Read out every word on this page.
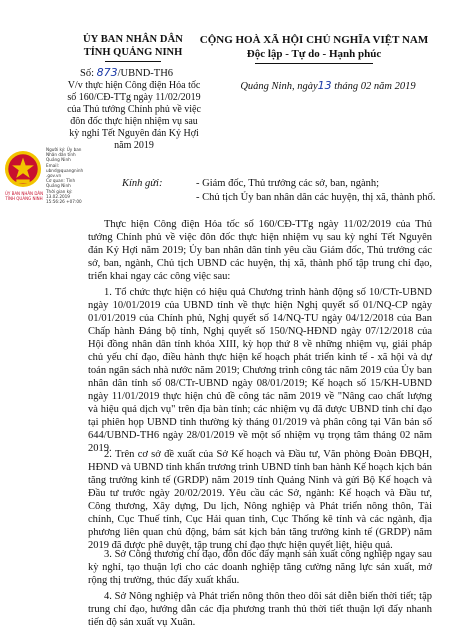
ỦY BAN NHÂN DÂN
TỈNH QUẢNG NINH
CỘNG HOÀ XÃ HỘI CHỦ NGHĨA VIỆT NAM
Độc lập - Tự do - Hạnh phúc
Số: 873/UBND-TH6
V/v thực hiện Công điện Hỏa tốc số 160/CĐ-TTg ngày 11/02/2019 của Thủ tướng Chính phủ về việc đôn đốc thực hiện nhiệm vụ sau kỳ nghỉ Tết Nguyên đán Kỷ Hợi năm 2019
Quảng Ninh, ngày13 tháng 02 năm 2019
ỦY BAN NHÂN DÂN
TỈNH QUẢNG NINH
Người ký: Ủy ban
Nhân dân tỉnh
Quảng Ninh
Email:
ubnd@quangninh
.gov.vn
Cơ quan: Tỉnh
Quảng Ninh
Thời gian ký:
13.02.2019
15:56:26 +07:00
Kính gửi:	- Giám đốc, Thủ trưởng các sở, ban, ngành;
- Chủ tịch Ủy ban nhân dân các huyện, thị xã, thành phố.

Thực hiện Công điện Hỏa tốc số 160/CĐ-TTg ngày 11/02/2019 của Thủ tướng Chính phủ về việc đôn đốc thực hiện nhiệm vụ sau kỳ nghỉ Tết Nguyên đán Kỷ Hợi năm 2019; Ủy ban nhân dân tỉnh yêu cầu Giám đốc, Thủ trưởng các sở, ban, ngành, Chủ tịch UBND các huyện, thị xã, thành phố tập trung chỉ đạo, triển khai ngay các công việc sau:

1. Tổ chức thực hiện có hiệu quả Chương trình hành động số 10/CTr-UBND ngày 10/01/2019 của UBND tỉnh về thực hiện Nghị quyết số 01/NQ-CP ngày 01/01/2019 của Chính phủ, Nghị quyết số 14/NQ-TU ngày 04/12/2018 của Ban Chấp hành Đảng bộ tỉnh, Nghị quyết số 150/NQ-HĐND ngày 07/12/2018 của Hội đồng nhân dân tỉnh khóa XIII, kỳ họp thứ 8 về những nhiệm vụ, giải pháp chủ yếu chỉ đạo, điều hành thực hiện kế hoạch phát triển kinh tế - xã hội và dự toán ngân sách nhà nước năm 2019; Chương trình công tác năm 2019 của Ủy ban nhân dân tỉnh số 08/CTr-UBND ngày 08/01/2019; Kế hoạch số 15/KH-UBND ngày 11/01/2019 thực hiện chủ đề công tác năm 2019 về "Nâng cao chất lượng và hiệu quả dịch vụ" trên địa bàn tỉnh; các nhiệm vụ đã được UBND tỉnh chỉ đạo tại phiên họp UBND tỉnh thường kỳ tháng 01/2019 và phân công tại Văn bản số 644/UBND-TH6 ngày 28/01/2019 về một số nhiệm vụ trọng tâm tháng 02 năm 2019.

2. Trên cơ sở đề xuất của Sở Kế hoạch và Đầu tư, Văn phòng Đoàn ĐBQH, HĐND và UBND tỉnh khẩn trương trình UBND tỉnh ban hành Kế hoạch kịch bản tăng trưởng kinh tế (GRDP) năm 2019 tỉnh Quảng Ninh và gửi Bộ Kế hoạch và Đầu tư trước ngày 20/02/2019. Yêu cầu các Sở, ngành: Kế hoạch và Đầu tư, Công thương, Xây dựng, Du lịch, Nông nghiệp và Phát triển nông thôn, Tài chính, Cục Thuế tỉnh, Cục Hải quan tỉnh, Cục Thống kê tỉnh và các ngành, địa phương liên quan chủ động, bám sát kịch bản tăng trưởng kinh tế (GRDP) năm 2019 đã được phê duyệt, tập trung chỉ đạo thực hiện quyết liệt, hiệu quả.

3. Sở Công thương chỉ đạo, đôn đốc đẩy mạnh sản xuất công nghiệp ngay sau kỳ nghỉ, tạo thuận lợi cho các doanh nghiệp tăng cường năng lực sản xuất, mở rộng thị trường, thúc đẩy xuất khẩu.

4. Sở Nông nghiệp và Phát triển nông thôn theo dõi sát diễn biến thời tiết; tập trung chỉ đạo, hướng dẫn các địa phương tranh thủ thời tiết thuận lợi đẩy nhanh tiến độ sản xuất vụ Xuân.
